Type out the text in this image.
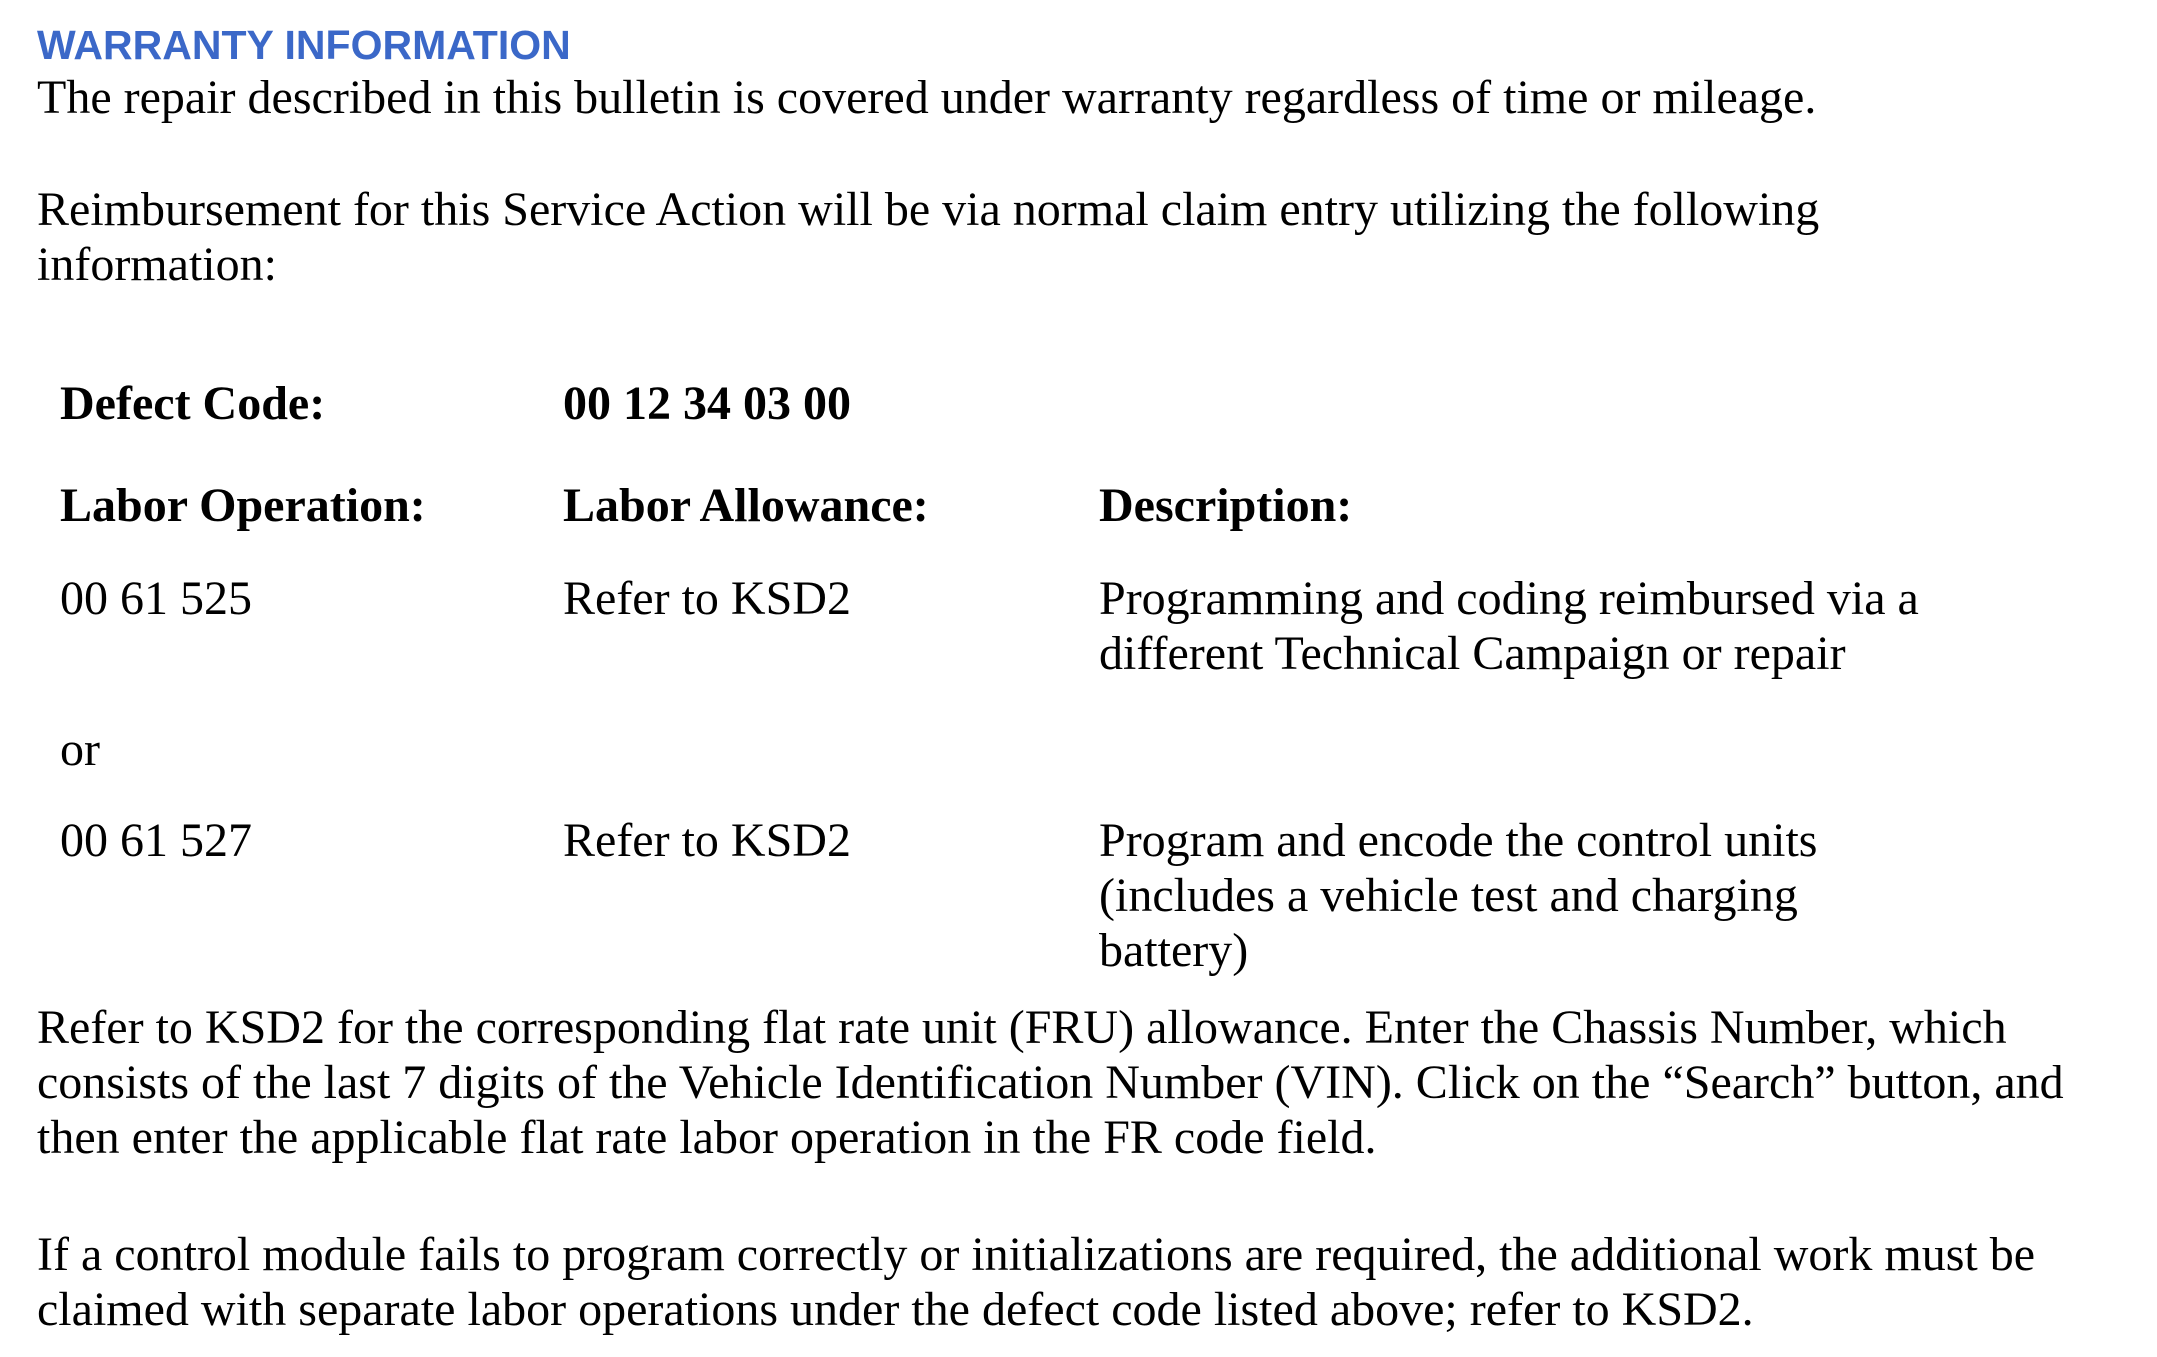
WARRANTY INFORMATION

The repair described in this bulletin is covered under warranty regardless of time or mileage.

Reimbursement for this Service Action will be via normal claim entry utilizing the following information:

Defect Code:	00 12 34 03 00
Labor Operation:	Labor Allowance:	Description:
00 61 525	Refer to KSD2	Programming and coding reimbursed via a different Technical Campaign or repair
or
00 61 527	Refer to KSD2	Program and encode the control units (includes a vehicle test and charging battery)

Refer to KSD2 for the corresponding flat rate unit (FRU) allowance. Enter the Chassis Number, which consists of the last 7 digits of the Vehicle Identification Number (VIN). Click on the “Search” button, and then enter the applicable flat rate labor operation in the FR code field.

If a control module fails to program correctly or initializations are required, the additional work must be claimed with separate labor operations under the defect code listed above; refer to KSD2.
